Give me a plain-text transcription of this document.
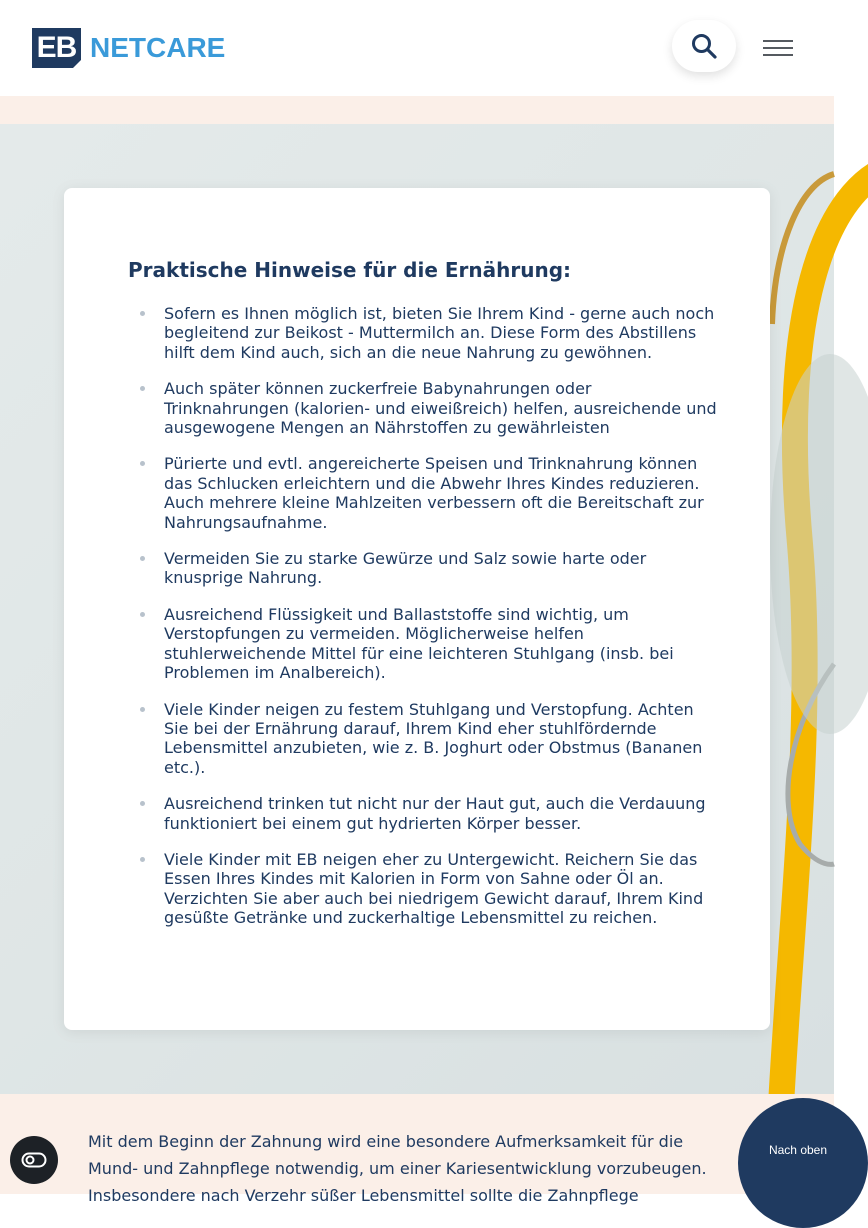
EB NETCARE
Praktische Hinweise für die Ernährung:
Sofern es Ihnen möglich ist, bieten Sie Ihrem Kind - gerne auch noch begleitend zur Beikost - Muttermilch an. Diese Form des Abstillens hilft dem Kind auch, sich an die neue Nahrung zu gewöhnen.
Auch später können zuckerfreie Babynahrungen oder Trinknahrungen (kalorien- und eiweißreich) helfen, ausreichende und ausgewogene Mengen an Nährstoffen zu gewährleisten
Pürierte und evtl. angereicherte Speisen und Trinknahrung können das Schlucken erleichtern und die Abwehr Ihres Kindes reduzieren. Auch mehrere kleine Mahlzeiten verbessern oft die Bereitschaft zur Nahrungsaufnahme.
Vermeiden Sie zu starke Gewürze und Salz sowie harte oder knusprige Nahrung.
Ausreichend Flüssigkeit und Ballaststoffe sind wichtig, um Verstopfungen zu vermeiden. Möglicherweise helfen stuhlerweichende Mittel für eine leichteren Stuhlgang (insb. bei Problemen im Analbereich).
Viele Kinder neigen zu festem Stuhlgang und Verstopfung. Achten Sie bei der Ernährung darauf, Ihrem Kind eher stuhlfördernde Lebensmittel anzubieten, wie z. B. Joghurt oder Obstmus (Bananen etc.).
Ausreichend trinken tut nicht nur der Haut gut, auch die Verdauung funktioniert bei einem gut hydrierten Körper besser.
Viele Kinder mit EB neigen eher zu Untergewicht. Reichern Sie das Essen Ihres Kindes mit Kalorien in Form von Sahne oder Öl an. Verzichten Sie aber auch bei niedrigem Gewicht darauf, Ihrem Kind gesüßte Getränke und zuckerhaltige Lebensmittel zu reichen.

Mit dem Beginn der Zahnung wird eine besondere Aufmerksamkeit für die Mund- und Zahnpflege notwendig, um einer Kariesentwicklung vorzubeugen. Insbesondere nach Verzehr süßer Lebensmittel sollte die Zahnpflege

Nach oben
